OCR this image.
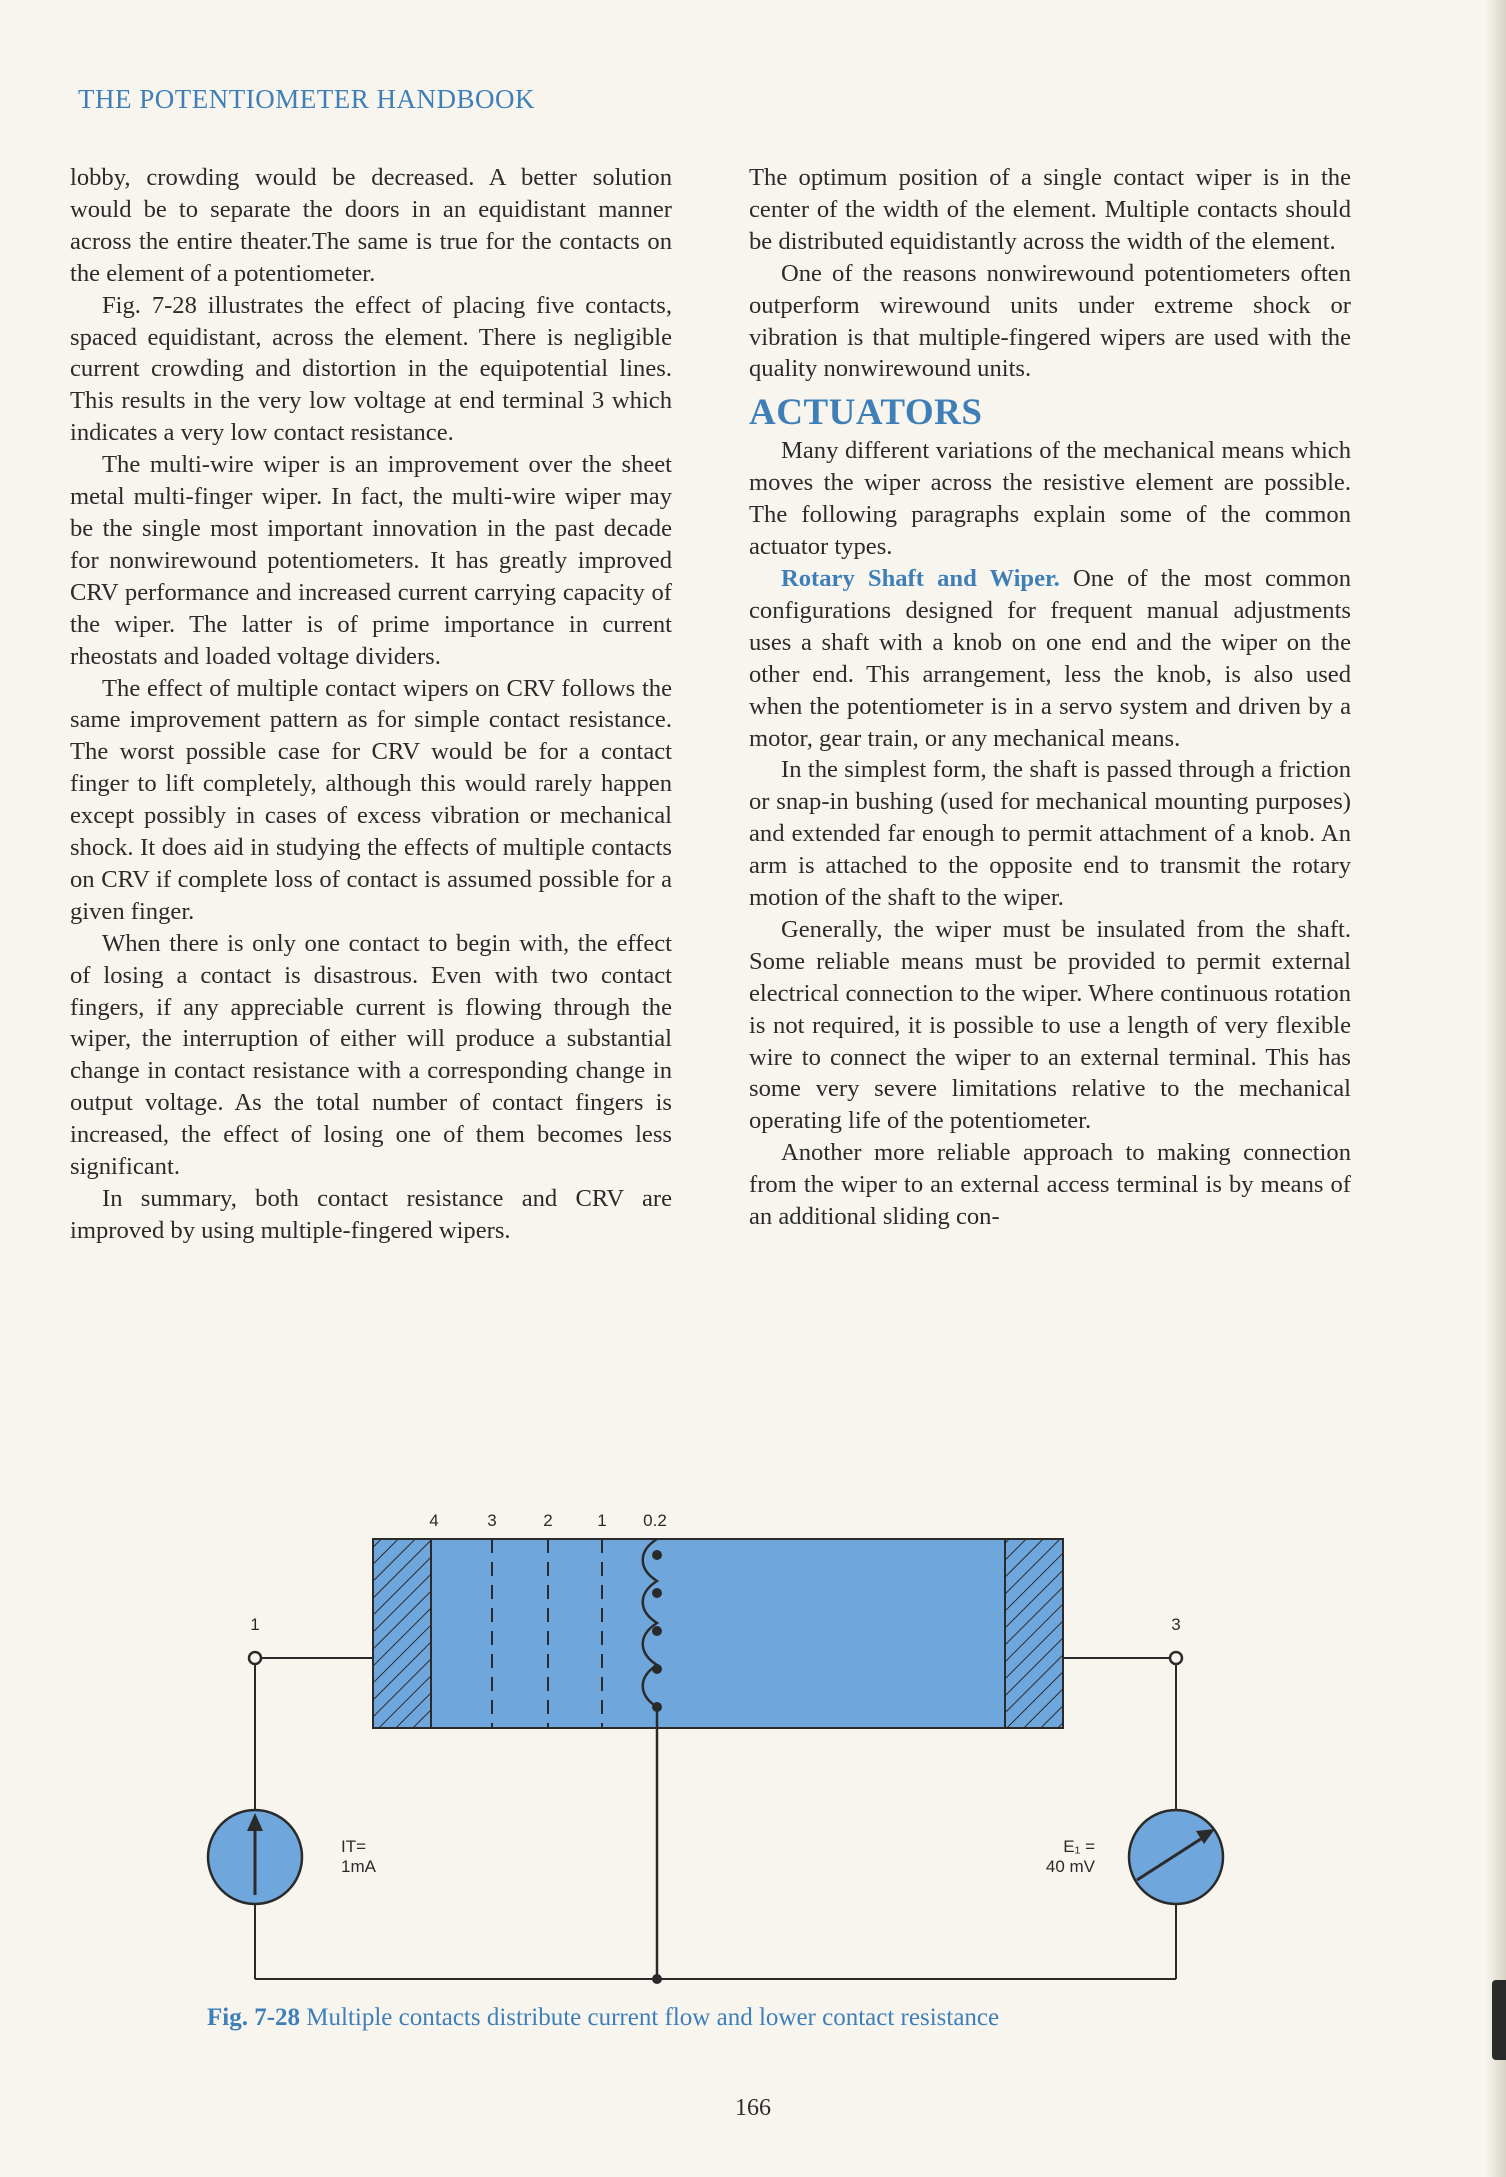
THE POTENTIOMETER HANDBOOK

lobby, crowding would be decreased. A better solution would be to separate the doors in an equidistant manner across the entire theater.The same is true for the contacts on the element of a potentiometer.

Fig. 7-28 illustrates the effect of placing five contacts, spaced equidistant, across the element. There is negligible current crowding and distortion in the equipotential lines. This results in the very low voltage at end terminal 3 which indicates a very low contact resistance.

The multi-wire wiper is an improvement over the sheet metal multi-finger wiper. In fact, the multi-wire wiper may be the single most important innovation in the past decade for nonwirewound potentiometers. It has greatly improved CRV performance and increased current carrying capacity of the wiper. The latter is of prime importance in current rheostats and loaded voltage dividers.

The effect of multiple contact wipers on CRV follows the same improvement pattern as for simple contact resistance. The worst possible case for CRV would be for a contact finger to lift completely, although this would rarely happen except possibly in cases of excess vibration or mechanical shock. It does aid in studying the effects of multiple contacts on CRV if complete loss of contact is assumed possible for a given finger.

When there is only one contact to begin with, the effect of losing a contact is disastrous. Even with two contact fingers, if any appreciable current is flowing through the wiper, the interruption of either will produce a substantial change in contact resistance with a corresponding change in output voltage. As the total number of contact fingers is increased, the effect of losing one of them becomes less significant.

In summary, both contact resistance and CRV are improved by using multiple-fingered wipers.

The optimum position of a single contact wiper is in the center of the width of the element. Multiple contacts should be distributed equidistantly across the width of the element.

One of the reasons nonwirewound potentiometers often outperform wirewound units under extreme shock or vibration is that multiple-fingered wipers are used with the quality nonwirewound units.

ACTUATORS

Many different variations of the mechanical means which moves the wiper across the resistive element are possible. The following paragraphs explain some of the common actuator types.

Rotary Shaft and Wiper. One of the most common configurations designed for frequent manual adjustments uses a shaft with a knob on one end and the wiper on the other end. This arrangement, less the knob, is also used when the potentiometer is in a servo system and driven by a motor, gear train, or any mechanical means.

In the simplest form, the shaft is passed through a friction or snap-in bushing (used for mechanical mounting purposes) and extended far enough to permit attachment of a knob. An arm is attached to the opposite end to transmit the rotary motion of the shaft to the wiper.

Generally, the wiper must be insulated from the shaft. Some reliable means must be provided to permit external electrical connection to the wiper. Where continuous rotation is not required, it is possible to use a length of very flexible wire to connect the wiper to an external terminal. This has some very severe limitations relative to the mechanical operating life of the potentiometer.

Another more reliable approach to making connection from the wiper to an external access terminal is by means of an additional sliding con-

4	3	2	1 0.2
1	3
IT=
1mA
E₁ =
40 mV
Fig. 7-28 Multiple contacts distribute current flow and lower contact resistance
166
